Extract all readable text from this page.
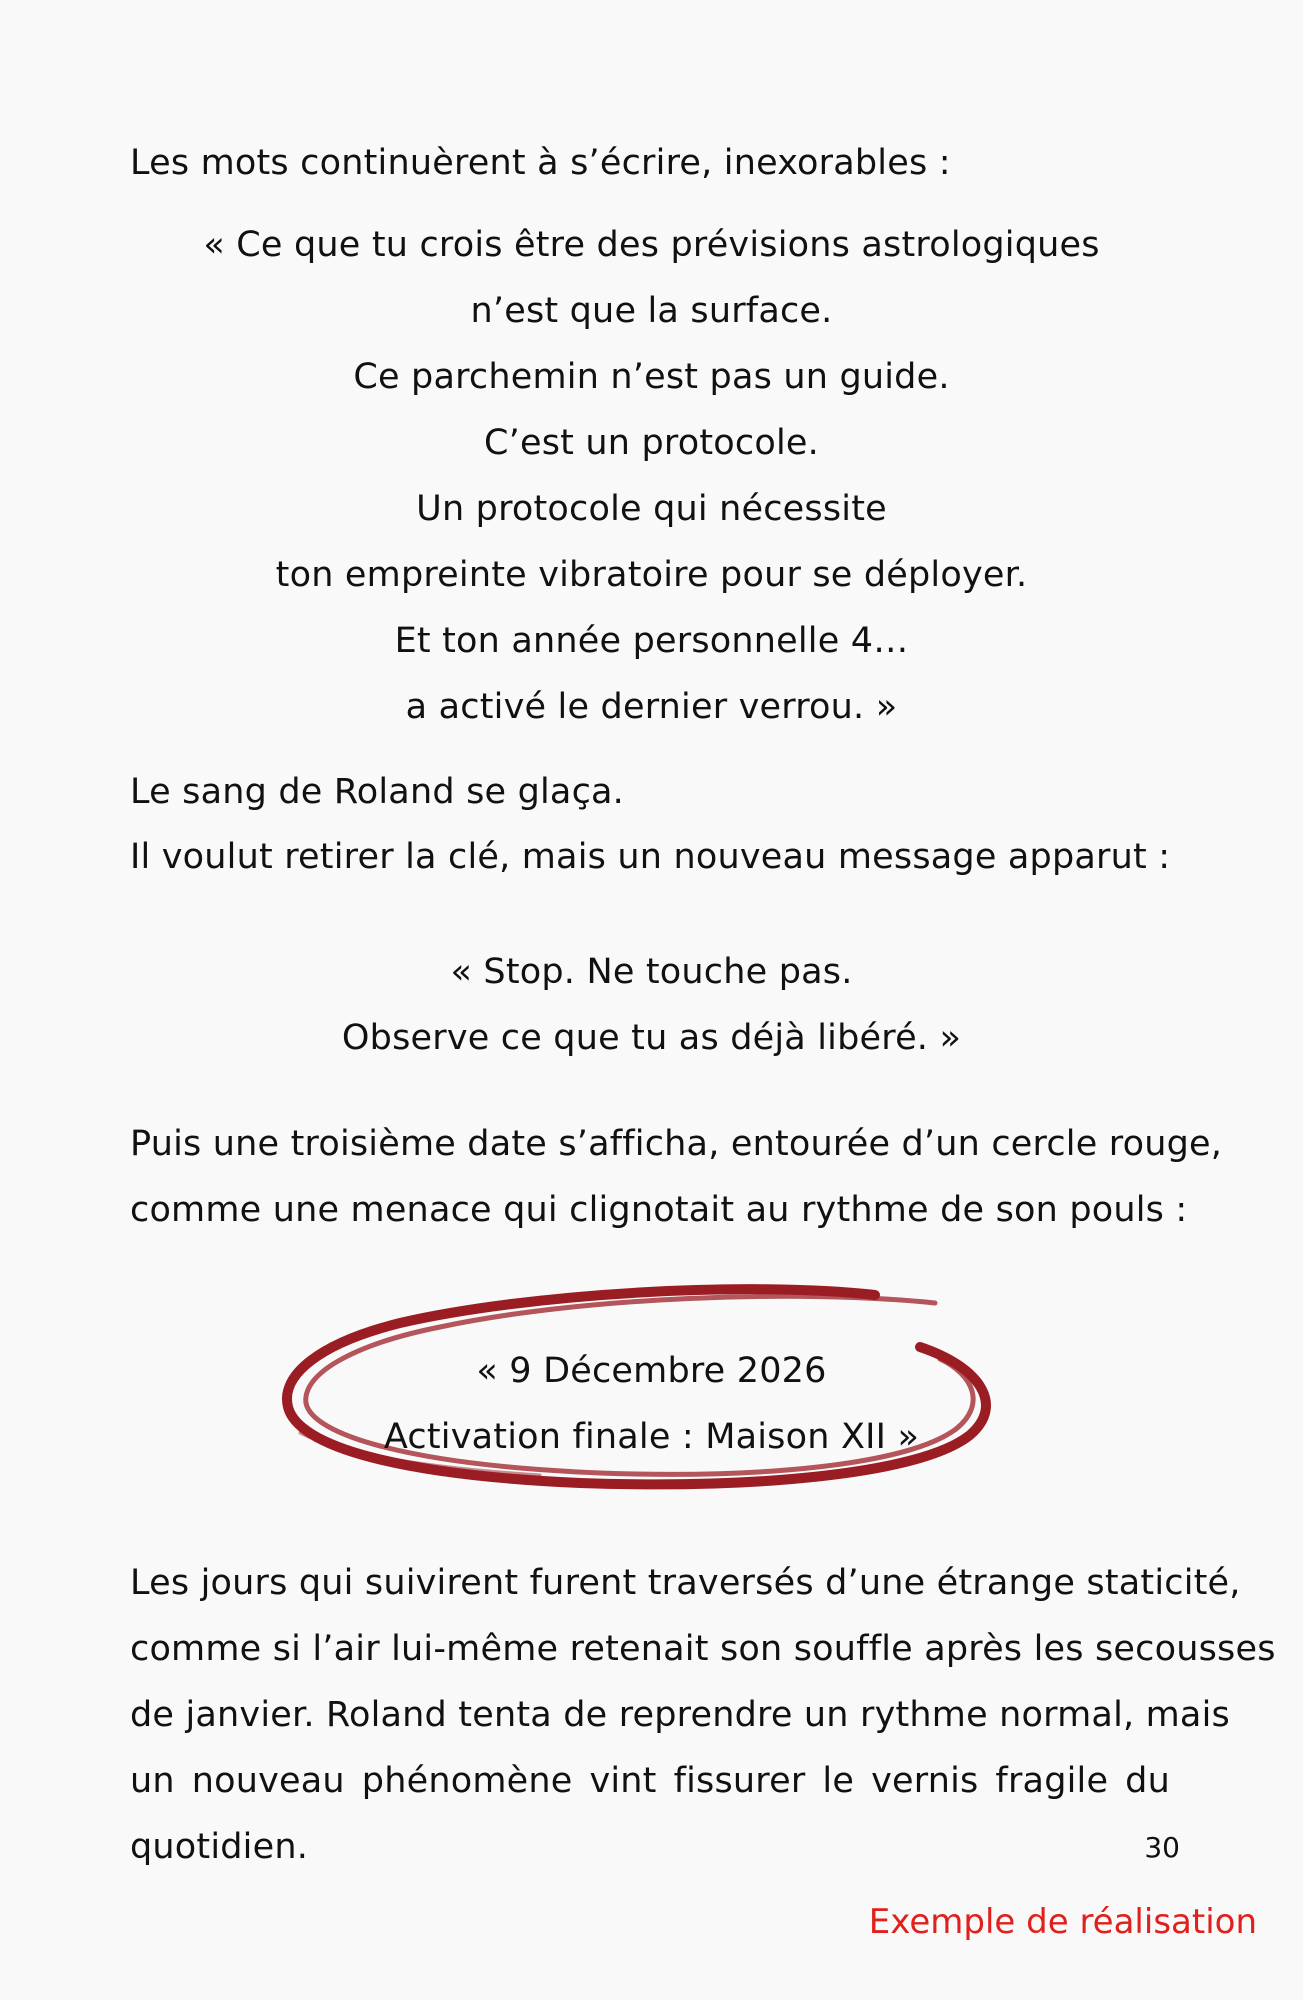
Les mots continuèrent à s’écrire, inexorables :
« Ce que tu crois être des prévisions astrologiques
n’est que la surface.
Ce parchemin n’est pas un guide.
C’est un protocole.
Un protocole qui nécessite
ton empreinte vibratoire pour se déployer.
Et ton année personnelle 4…
a activé le dernier verrou. »
Le sang de Roland se glaça.
Il voulut retirer la clé, mais un nouveau message apparut :
« Stop. Ne touche pas.
Observe ce que tu as déjà libéré. »
Puis une troisième date s’afficha, entourée d’un cercle rouge,
comme une menace qui clignotait au rythme de son pouls :
« 9 Décembre 2026
Activation finale : Maison XII »
Les jours qui suivirent furent traversés d’une étrange staticité,
comme si l’air lui-même retenait son souffle après les secousses
de janvier. Roland tenta de reprendre un rythme normal, mais
un nouveau phénomène vint fissurer le vernis fragile du
quotidien.	30
Exemple de réalisation
